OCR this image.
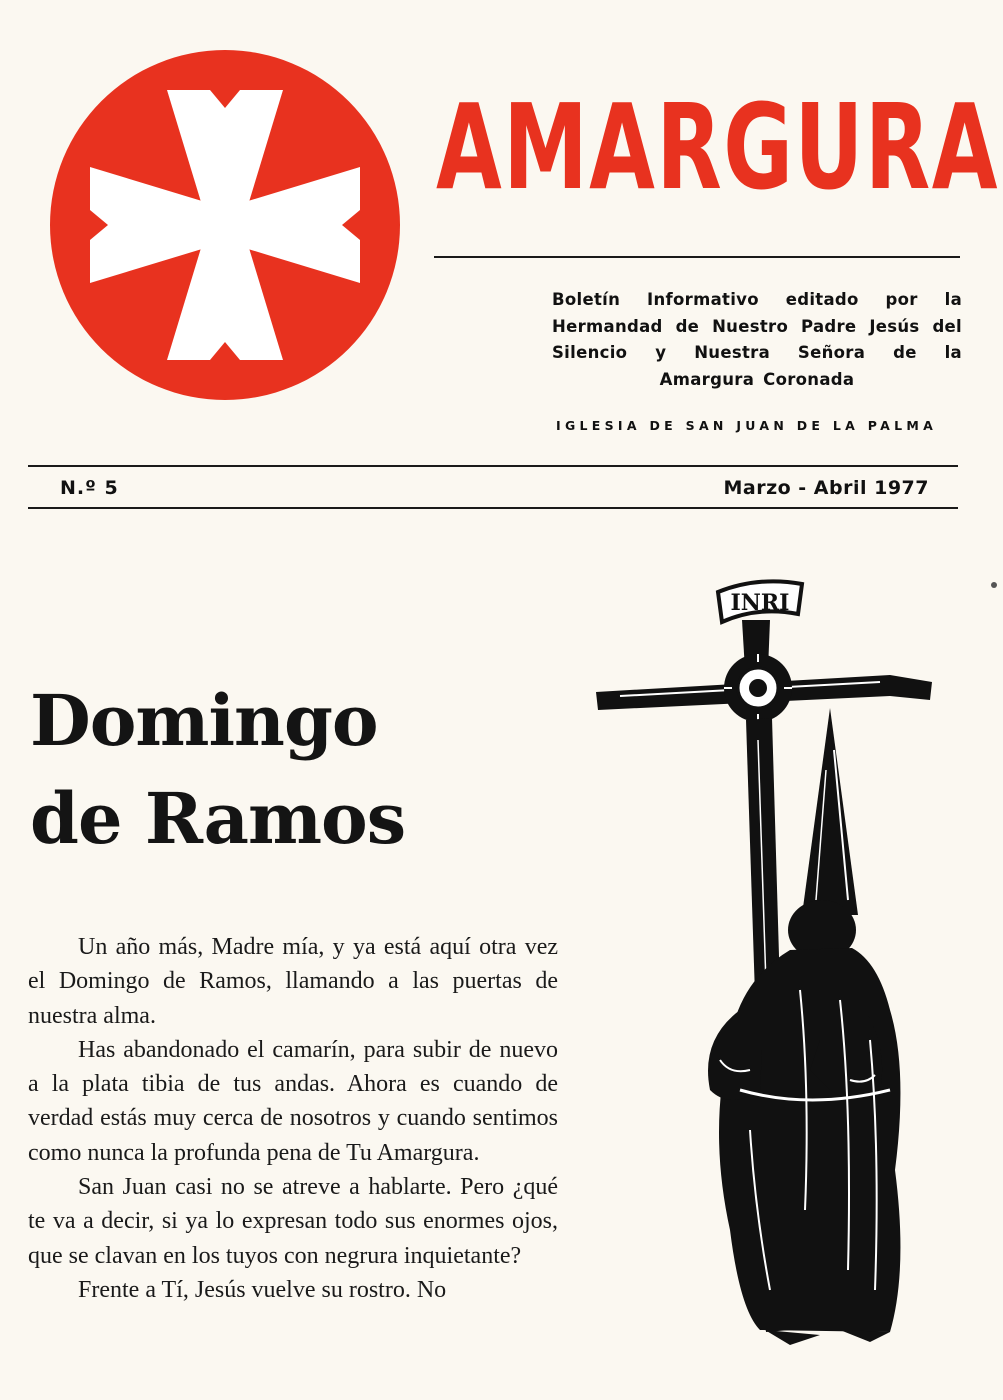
AMARGURA
Boletín Informativo editado por la Hermandad de Nuestro Padre Jesús del Silencio y Nuestra Señora de la Amargura Coronada
IGLESIA DE SAN JUAN DE LA PALMA
N.º 5	Marzo - Abril 1977
Domingo
de Ramos

Un año más, Madre mía, y ya está aquí otra vez el Domingo de Ramos, llamando a las puertas de nuestra alma.

Has abandonado el camarín, para subir de nuevo a la plata tibia de tus andas. Ahora es cuando de verdad estás muy cerca de nosotros y cuando sentimos como nunca la profunda pena de Tu Amargura.

San Juan casi no se atreve a hablarte. Pero ¿qué te va a decir, si ya lo expresan todo sus enormes ojos, que se clavan en los tuyos con negrura inquietante?

Frente a Tí, Jesús vuelve su rostro. No

INRI
